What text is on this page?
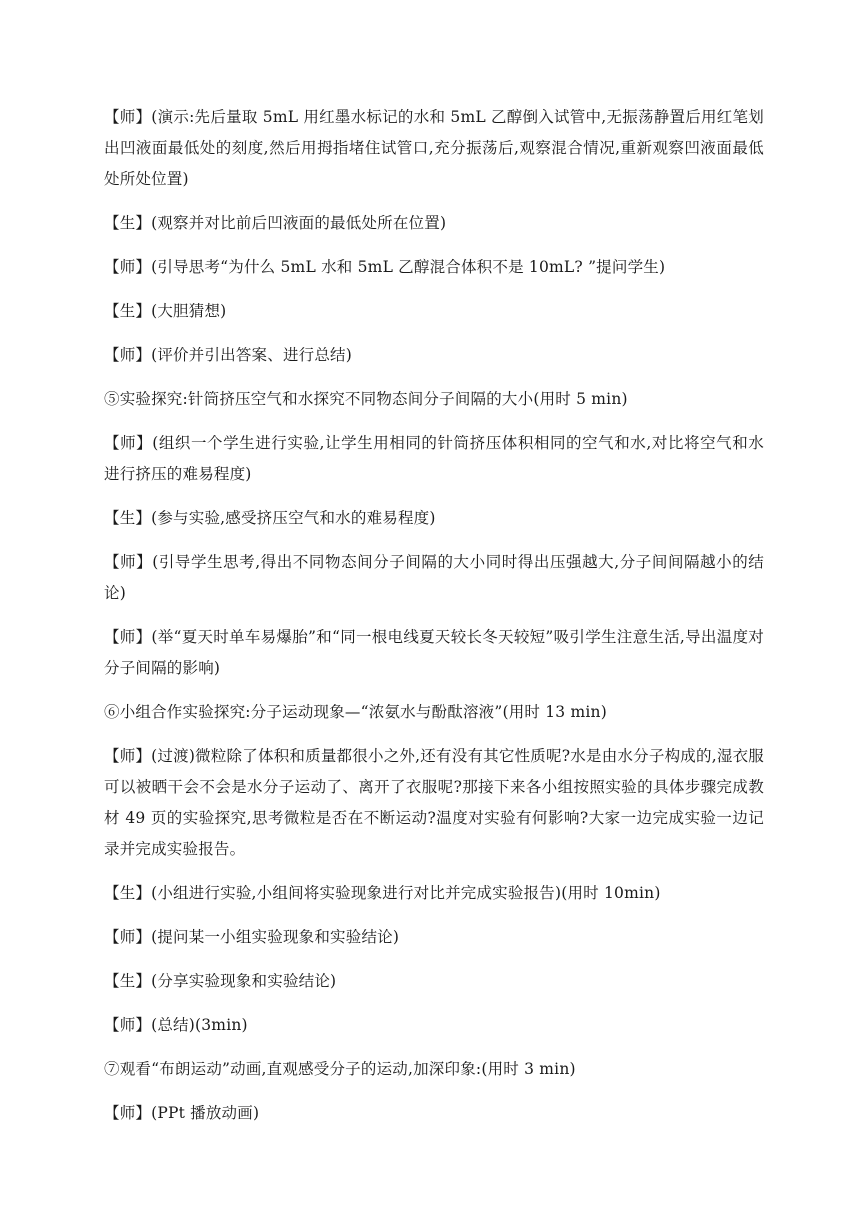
【师】(演示:先后量取 5mL 用红墨水标记的水和 5mL 乙醇倒入试管中,无振荡静置后用红笔划出凹液面最低处的刻度,然后用拇指堵住试管口,充分振荡后,观察混合情况,重新观察凹液面最低处所处位置)

【生】(观察并对比前后凹液面的最低处所在位置)

【师】(引导思考“为什么 5mL 水和 5mL 乙醇混合体积不是 10mL? ”提问学生)

【生】(大胆猜想)

【师】(评价并引出答案、进行总结)

⑤实验探究:针筒挤压空气和水探究不同物态间分子间隔的大小(用时 5 min)

【师】(组织一个学生进行实验,让学生用相同的针筒挤压体积相同的空气和水,对比将空气和水进行挤压的难易程度)

【生】(参与实验,感受挤压空气和水的难易程度)

【师】(引导学生思考,得出不同物态间分子间隔的大小同时得出压强越大,分子间间隔越小的结论)

【师】(举“夏天时单车易爆胎”和“同一根电线夏天较长冬天较短”吸引学生注意生活,导出温度对分子间隔的影响)

⑥小组合作实验探究:分子运动现象—“浓氨水与酚酞溶液”(用时 13 min)

【师】(过渡)微粒除了体积和质量都很小之外,还有没有其它性质呢?水是由水分子构成的,湿衣服可以被晒干会不会是水分子运动了、离开了衣服呢?那接下来各小组按照实验的具体步骤完成教材 49 页的实验探究,思考微粒是否在不断运动?温度对实验有何影响?大家一边完成实验一边记录并完成实验报告。

【生】(小组进行实验,小组间将实验现象进行对比并完成实验报告)(用时 10min)

【师】(提问某一小组实验现象和实验结论)

【生】(分享实验现象和实验结论)

【师】(总结)(3min)

⑦观看“布朗运动”动画,直观感受分子的运动,加深印象:(用时 3 min)

【师】(PPt 播放动画)
